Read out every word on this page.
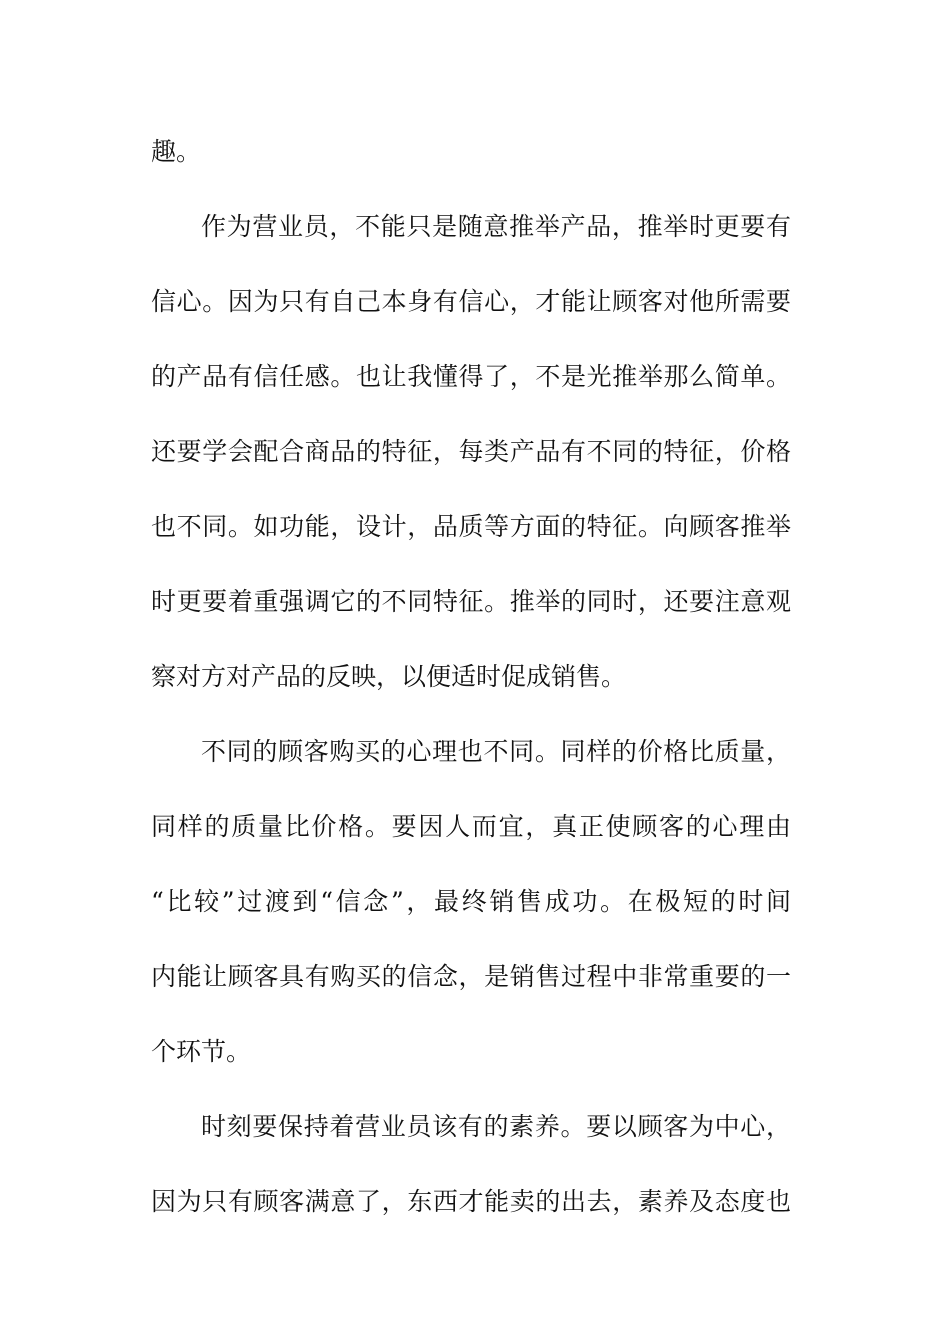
趣。
作为营业员，不能只是随意推举产品，推举时更要有
信心。因为只有自己本身有信心，才能让顾客对他所需要
的产品有信任感。也让我懂得了，不是光推举那么简单。
还要学会配合商品的特征，每类产品有不同的特征，价格
也不同。如功能，设计，品质等方面的特征。向顾客推举
时更要着重强调它的不同特征。推举的同时，还要注意观
察对方对产品的反映，以便适时促成销售。
不同的顾客购买的心理也不同。同样的价格比质量，
同样的质量比价格。要因人而宜，真正使顾客的心理由
“比较”过渡到“信念”，最终销售成功。在极短的时间
内能让顾客具有购买的信念，是销售过程中非常重要的一
个环节。
时刻要保持着营业员该有的素养。要以顾客为中心，
因为只有顾客满意了，东西才能卖的出去，素养及态度也
